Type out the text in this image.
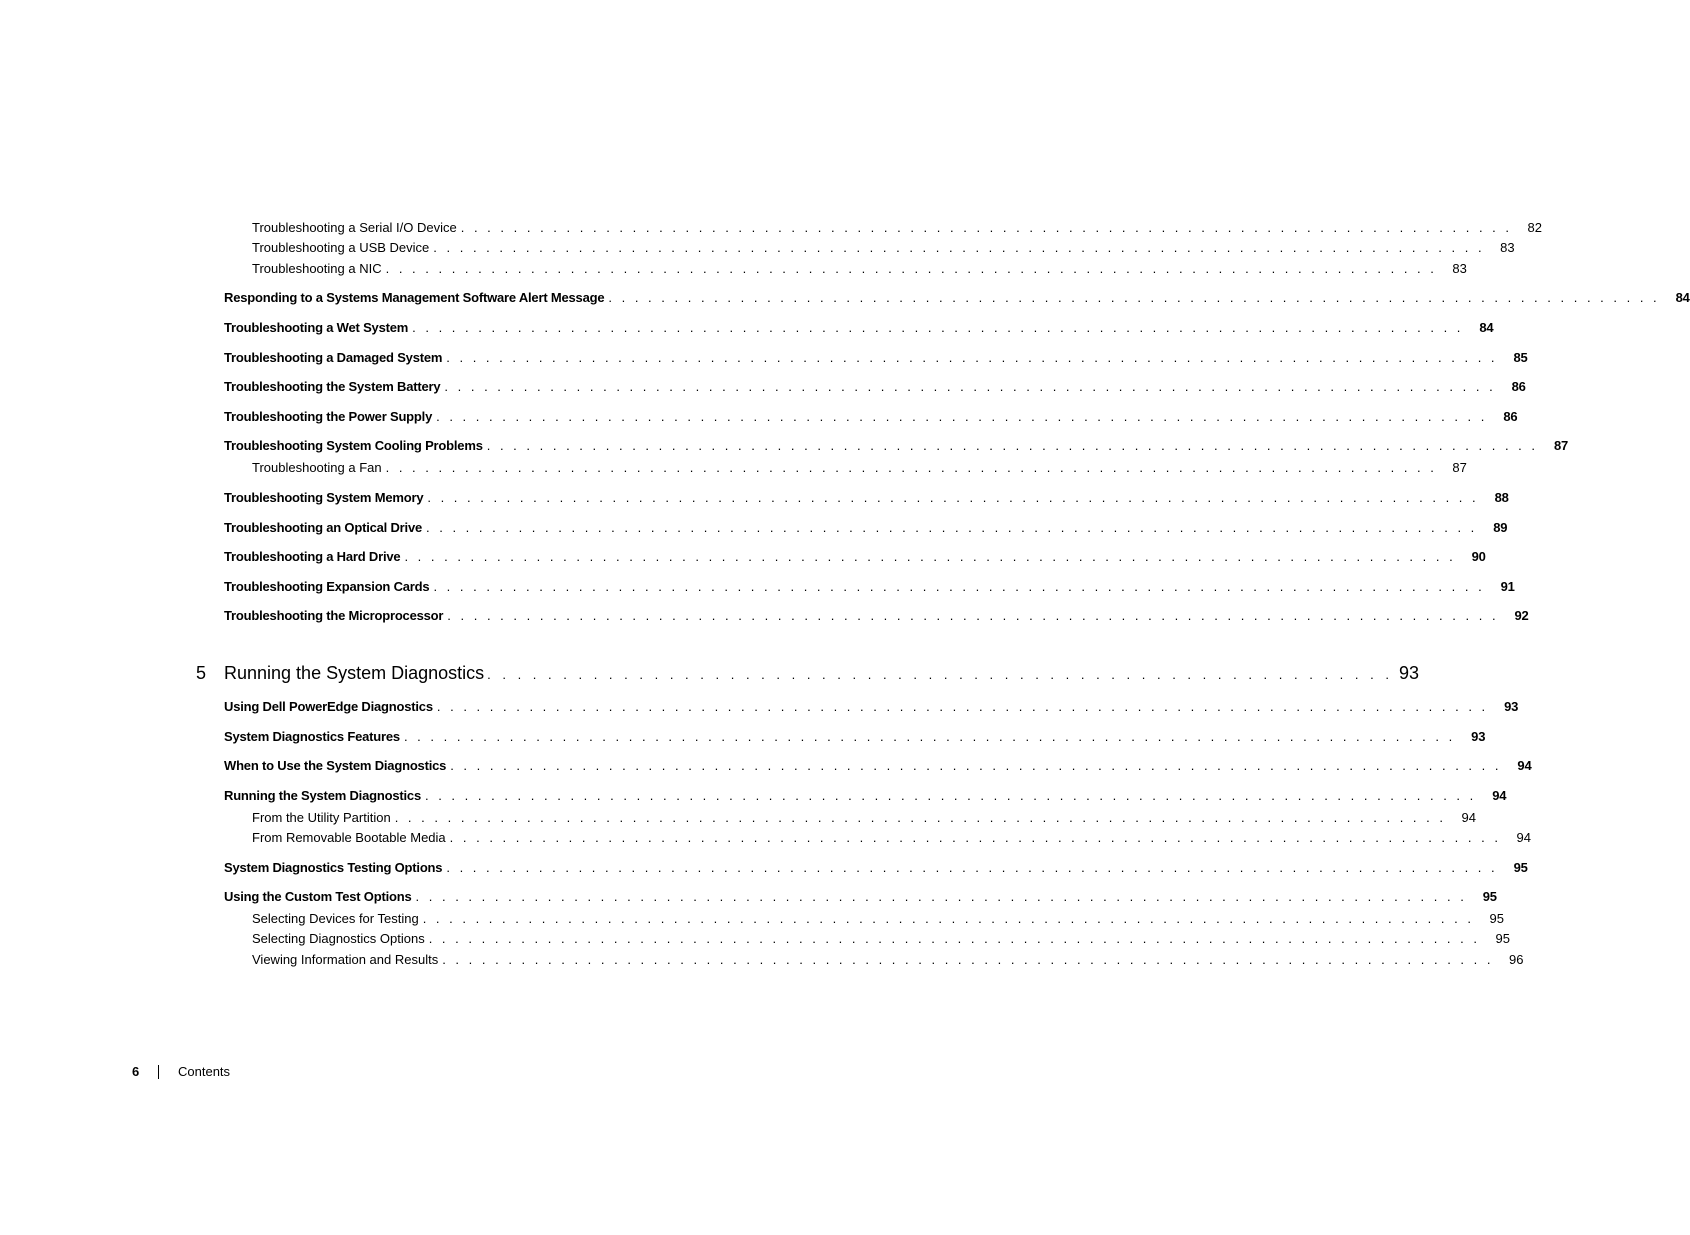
Troubleshooting a Serial I/O Device . . . . . . . . . . . . . . . . . . . . . . . . . . . . . . . . . . . . . . . . . . . . . . . . . . . . . . . . . . . . . . . . . . . . . . . . . . . . . . . .	82
Troubleshooting a USB Device . . . . . . . . . . . . . . . . . . . . . . . . . . . . . . . . . . . . . . . . . . . . . . . . . . . . . . . . . . . . . . . . . . . . . . . . . . . . . . . .	83
Troubleshooting a NIC . . . . . . . . . . . . . . . . . . . . . . . . . . . . . . . . . . . . . . . . . . . . . . . . . . . . . . . . . . . . . . . . . . . . . . . . . . . . . . . .	83
Responding to a Systems Management Software Alert Message . . . . . . . . . . . . . . . . . . . . . . . . . . . . . . . . . . . . . . . . . . . . . . . . . . . . . . . . . . . . . . . . . . . . . . . . . . . . . . . .	84
Troubleshooting a Wet System . . . . . . . . . . . . . . . . . . . . . . . . . . . . . . . . . . . . . . . . . . . . . . . . . . . . . . . . . . . . . . . . . . . . . . . . . . . . . . . .	84
Troubleshooting a Damaged System . . . . . . . . . . . . . . . . . . . . . . . . . . . . . . . . . . . . . . . . . . . . . . . . . . . . . . . . . . . . . . . . . . . . . . . . . . . . . . . .	85
Troubleshooting the System Battery . . . . . . . . . . . . . . . . . . . . . . . . . . . . . . . . . . . . . . . . . . . . . . . . . . . . . . . . . . . . . . . . . . . . . . . . . . . . . . . .	86
Troubleshooting the Power Supply . . . . . . . . . . . . . . . . . . . . . . . . . . . . . . . . . . . . . . . . . . . . . . . . . . . . . . . . . . . . . . . . . . . . . . . . . . . . . . . .	86
Troubleshooting System Cooling Problems . . . . . . . . . . . . . . . . . . . . . . . . . . . . . . . . . . . . . . . . . . . . . . . . . . . . . . . . . . . . . . . . . . . . . . . . . . . . . . . .	87
Troubleshooting a Fan . . . . . . . . . . . . . . . . . . . . . . . . . . . . . . . . . . . . . . . . . . . . . . . . . . . . . . . . . . . . . . . . . . . . . . . . . . . . . . . .	87
Troubleshooting System Memory . . . . . . . . . . . . . . . . . . . . . . . . . . . . . . . . . . . . . . . . . . . . . . . . . . . . . . . . . . . . . . . . . . . . . . . . . . . . . . . .	88
Troubleshooting an Optical Drive . . . . . . . . . . . . . . . . . . . . . . . . . . . . . . . . . . . . . . . . . . . . . . . . . . . . . . . . . . . . . . . . . . . . . . . . . . . . . . . .	89
Troubleshooting a Hard Drive . . . . . . . . . . . . . . . . . . . . . . . . . . . . . . . . . . . . . . . . . . . . . . . . . . . . . . . . . . . . . . . . . . . . . . . . . . . . . . . .	90
Troubleshooting Expansion Cards . . . . . . . . . . . . . . . . . . . . . . . . . . . . . . . . . . . . . . . . . . . . . . . . . . . . . . . . . . . . . . . . . . . . . . . . . . . . . . . .	91
Troubleshooting the Microprocessor . . . . . . . . . . . . . . . . . . . . . . . . . . . . . . . . . . . . . . . . . . . . . . . . . . . . . . . . . . . . . . . . . . . . . . . . . . . . . . . .	92
5 Running the System Diagnostics . . . . . . . . . . . . . . . . . . . . . . . . . . . . . . . . . . . . . . . . . . . . . . . . . . . . . . . . . . . . 93
Using Dell PowerEdge Diagnostics . . . . . . . . . . . . . . . . . . . . . . . . . . . . . . . . . . . . . . . . . . . . . . . . . . . . . . . . . . . . . . . . . . . . . . . . . . . . . . . .	93
System Diagnostics Features . . . . . . . . . . . . . . . . . . . . . . . . . . . . . . . . . . . . . . . . . . . . . . . . . . . . . . . . . . . . . . . . . . . . . . . . . . . . . . . .	93
When to Use the System Diagnostics . . . . . . . . . . . . . . . . . . . . . . . . . . . . . . . . . . . . . . . . . . . . . . . . . . . . . . . . . . . . . . . . . . . . . . . . . . . . . . . .	94
Running the System Diagnostics . . . . . . . . . . . . . . . . . . . . . . . . . . . . . . . . . . . . . . . . . . . . . . . . . . . . . . . . . . . . . . . . . . . . . . . . . . . . . . . .	94
From the Utility Partition . . . . . . . . . . . . . . . . . . . . . . . . . . . . . . . . . . . . . . . . . . . . . . . . . . . . . . . . . . . . . . . . . . . . . . . . . . . . . . . .	94
From Removable Bootable Media . . . . . . . . . . . . . . . . . . . . . . . . . . . . . . . . . . . . . . . . . . . . . . . . . . . . . . . . . . . . . . . . . . . . . . . . . . . . . . . .	94
System Diagnostics Testing Options . . . . . . . . . . . . . . . . . . . . . . . . . . . . . . . . . . . . . . . . . . . . . . . . . . . . . . . . . . . . . . . . . . . . . . . . . . . . . . . .	95
Using the Custom Test Options . . . . . . . . . . . . . . . . . . . . . . . . . . . . . . . . . . . . . . . . . . . . . . . . . . . . . . . . . . . . . . . . . . . . . . . . . . . . . . . .	95
Selecting Devices for Testing . . . . . . . . . . . . . . . . . . . . . . . . . . . . . . . . . . . . . . . . . . . . . . . . . . . . . . . . . . . . . . . . . . . . . . . . . . . . . . . .	95
Selecting Diagnostics Options . . . . . . . . . . . . . . . . . . . . . . . . . . . . . . . . . . . . . . . . . . . . . . . . . . . . . . . . . . . . . . . . . . . . . . . . . . . . . . . .	95
Viewing Information and Results . . . . . . . . . . . . . . . . . . . . . . . . . . . . . . . . . . . . . . . . . . . . . . . . . . . . . . . . . . . . . . . . . . . . . . . . . . . . . . . .	96
6	Contents
